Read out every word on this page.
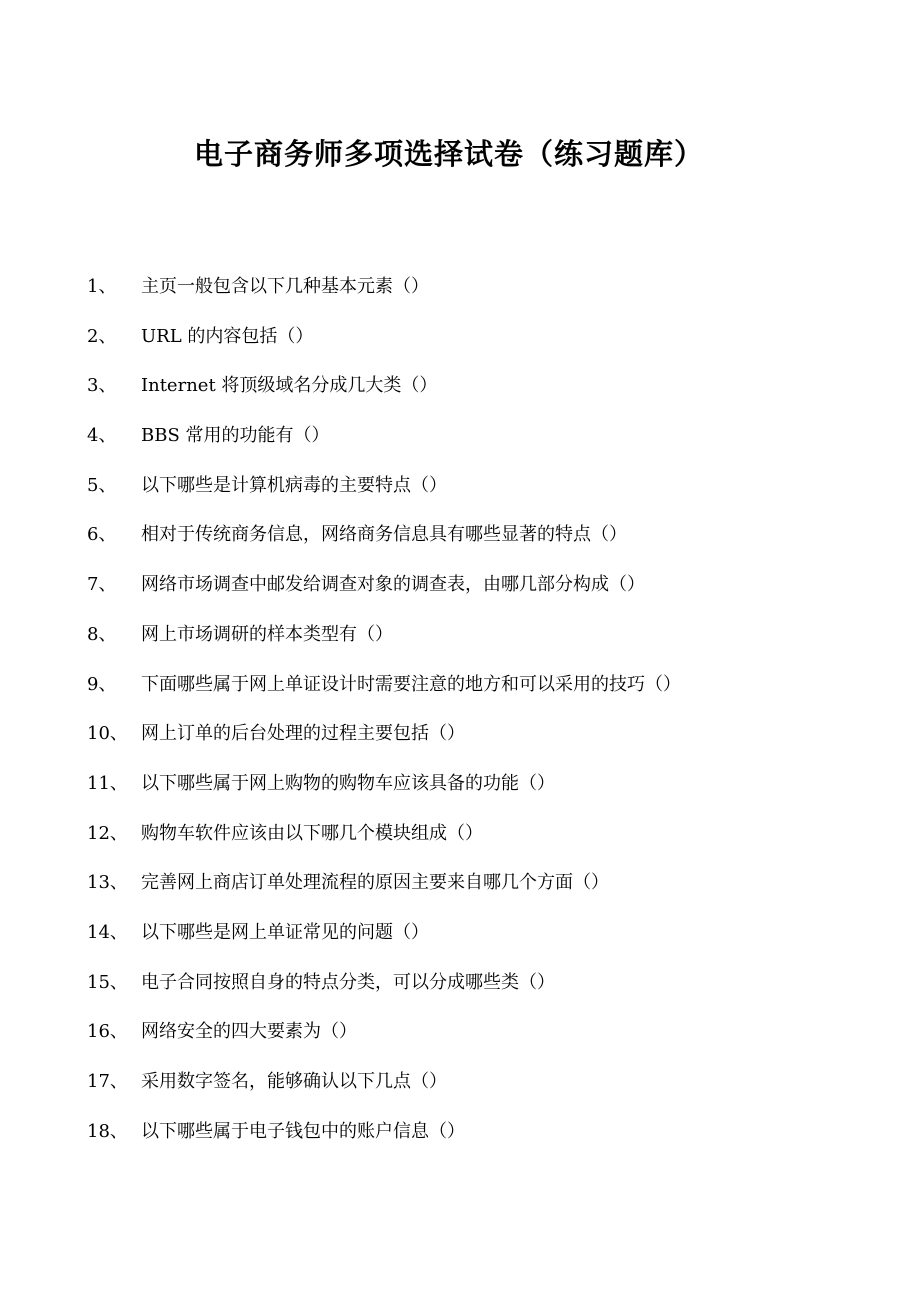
电子商务师多项选择试卷（练习题库）
1、 主页一般包含以下几种基本元素（）
2、 URL 的内容包括（）
3、 Internet 将顶级域名分成几大类（）
4、 BBS 常用的功能有（）
5、 以下哪些是计算机病毒的主要特点（）
6、 相对于传统商务信息，网络商务信息具有哪些显著的特点（）
7、 网络市场调查中邮发给调查对象的调查表，由哪几部分构成（）
8、 网上市场调研的样本类型有（）
9、 下面哪些属于网上单证设计时需要注意的地方和可以采用的技巧（）
10、 网上订单的后台处理的过程主要包括（）
11、 以下哪些属于网上购物的购物车应该具备的功能（）
12、 购物车软件应该由以下哪几个模块组成（）
13、 完善网上商店订单处理流程的原因主要来自哪几个方面（）
14、 以下哪些是网上单证常见的问题（）
15、 电子合同按照自身的特点分类，可以分成哪些类（）
16、 网络安全的四大要素为（）
17、 采用数字签名，能够确认以下几点（）
18、 以下哪些属于电子钱包中的账户信息（）
